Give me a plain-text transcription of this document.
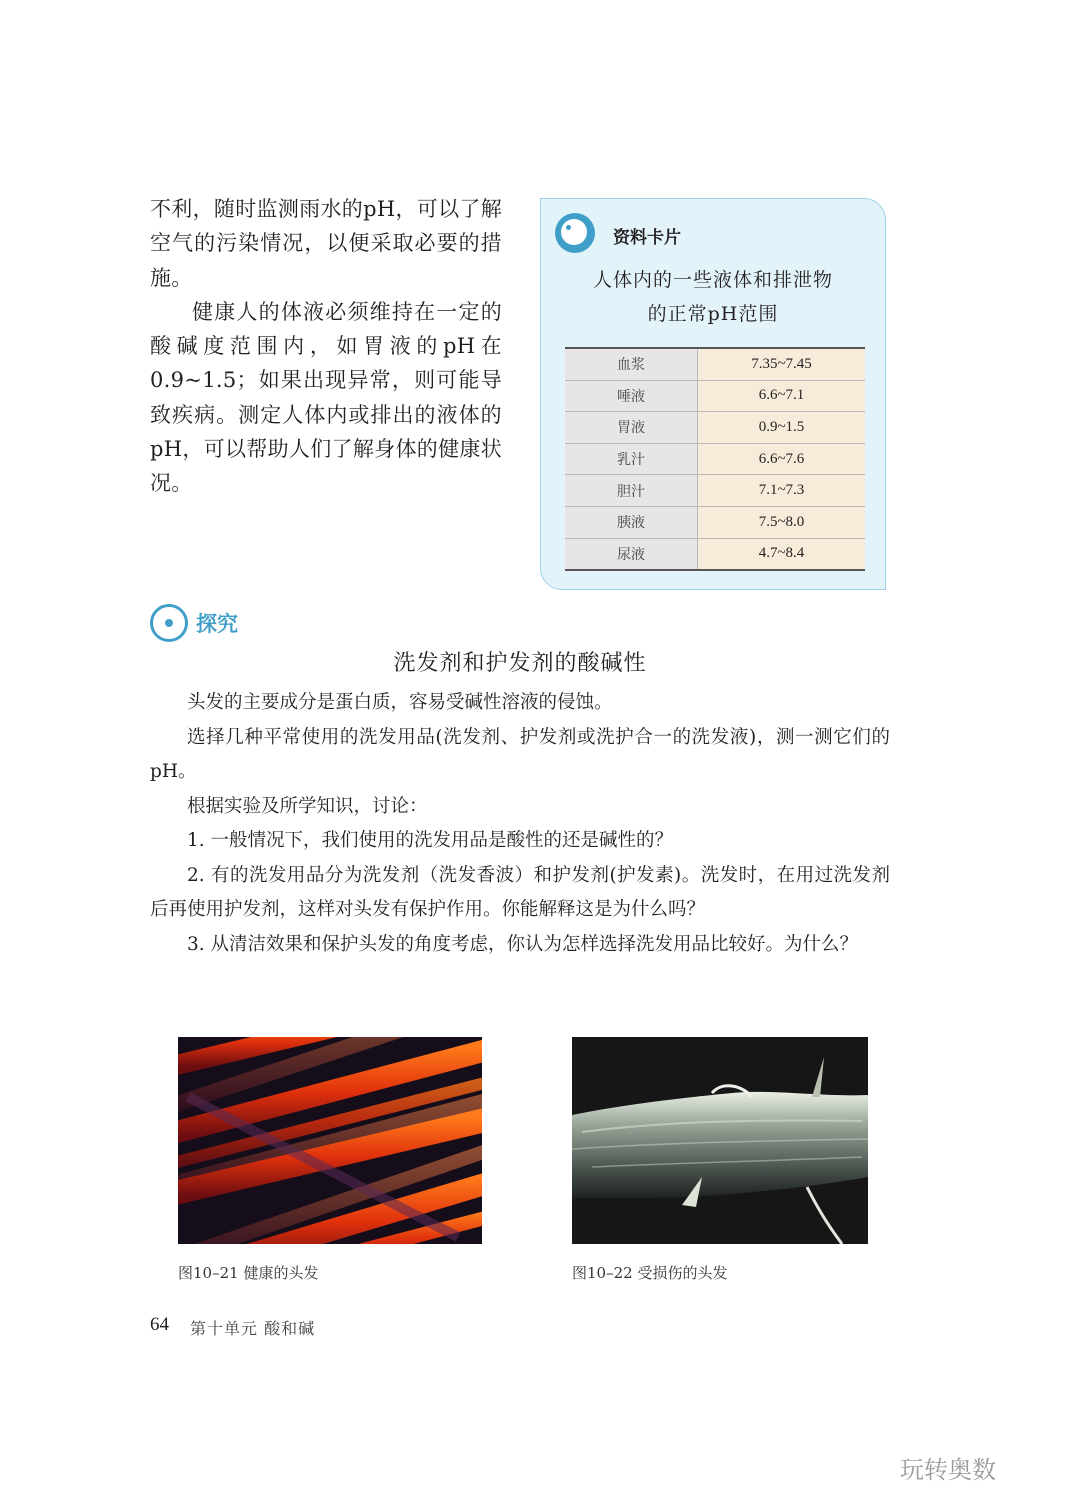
不利，随时监测雨水的pH，可以了解空气的污染情况，以便采取必要的措施。

健康人的体液必须维持在一定的酸碱度范围内，如胃液的pH在0.9~1.5；如果出现异常，则可能导致疾病。测定人体内或排出的液体的pH，可以帮助人们了解身体的健康状况。

资料卡片
人体内的一些液体和排泄物
的正常pH范围
血浆	7.35~7.45
唾液	6.6~7.1
胃液	0.9~1.5
乳汁	6.6~7.6
胆汁	7.1~7.3
胰液	7.5~8.0
尿液	4.7~8.4
探究
洗发剂和护发剂的酸碱性

头发的主要成分是蛋白质，容易受碱性溶液的侵蚀。

选择几种平常使用的洗发用品(洗发剂、护发剂或洗护合一的洗发液)，测一测它们的pH。

根据实验及所学知识，讨论：

1. 一般情况下，我们使用的洗发用品是酸性的还是碱性的？

2. 有的洗发用品分为洗发剂（洗发香波）和护发剂(护发素)。洗发时，在用过洗发剂后再使用护发剂，这样对头发有保护作用。你能解释这是为什么吗？

3. 从清洁效果和保护头发的角度考虑，你认为怎样选择洗发用品比较好。为什么？

图10–21 健康的头发	图10–22 受损伤的头发
64 第十单元 酸和碱
玩转奥数
